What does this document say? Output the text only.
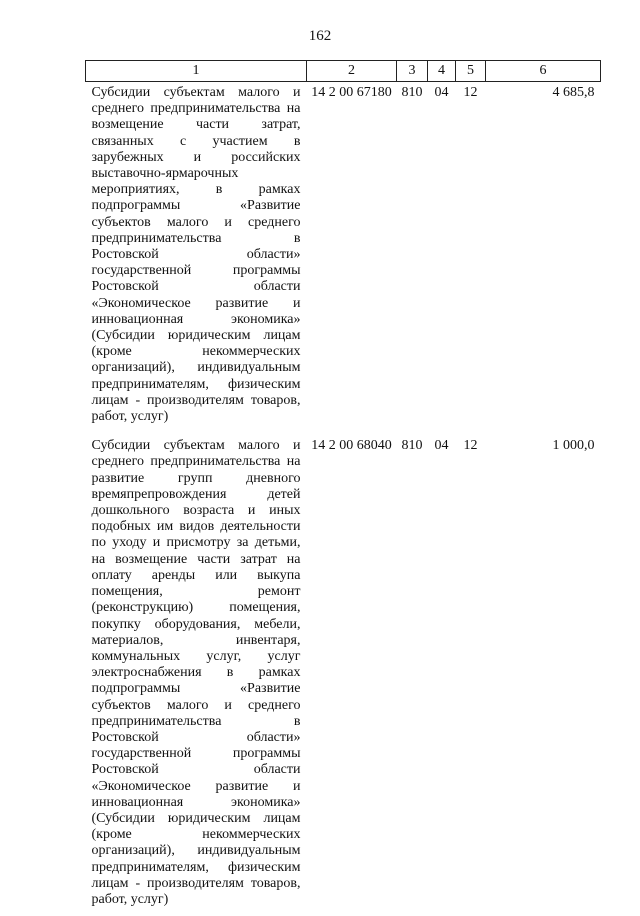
162
1	2	3	4	5	6
Субсидии субъектам малого и среднего предпринимательства на возмещение части затрат, связанных с участием в зарубежных и российских выставочно-ярмарочных мероприятиях, в рамках подпрограммы «Развитие субъектов малого и среднего предпринимательства в Ростовской области» государственной программы Ростовской области «Экономическое развитие и инновационная экономика» (Субсидии юридическим лицам (кроме некоммерческих организаций), индивидуальным предпринимателям, физическим лицам - производителям товаров, работ, услуг)	14 2 00 67180	810	04	12	4 685,8
Субсидии субъектам малого и среднего предпринимательства на развитие групп дневного времяпрепровождения детей дошкольного возраста и иных подобных им видов деятельности по уходу и присмотру за детьми, на возмещение части затрат на оплату аренды или выкупа помещения, ремонт (реконструкцию) помещения, покупку оборудования, мебели, материалов, инвентаря, коммунальных услуг, услуг электроснабжения в рамках подпрограммы «Развитие субъектов малого и среднего предпринимательства в Ростовской области» государственной программы Ростовской области «Экономическое развитие и инновационная экономика» (Субсидии юридическим лицам (кроме некоммерческих организаций), индивидуальным предпринимателям, физическим лицам - производителям товаров, работ, услуг)	14 2 00 68040	810	04	12	1 000,0
